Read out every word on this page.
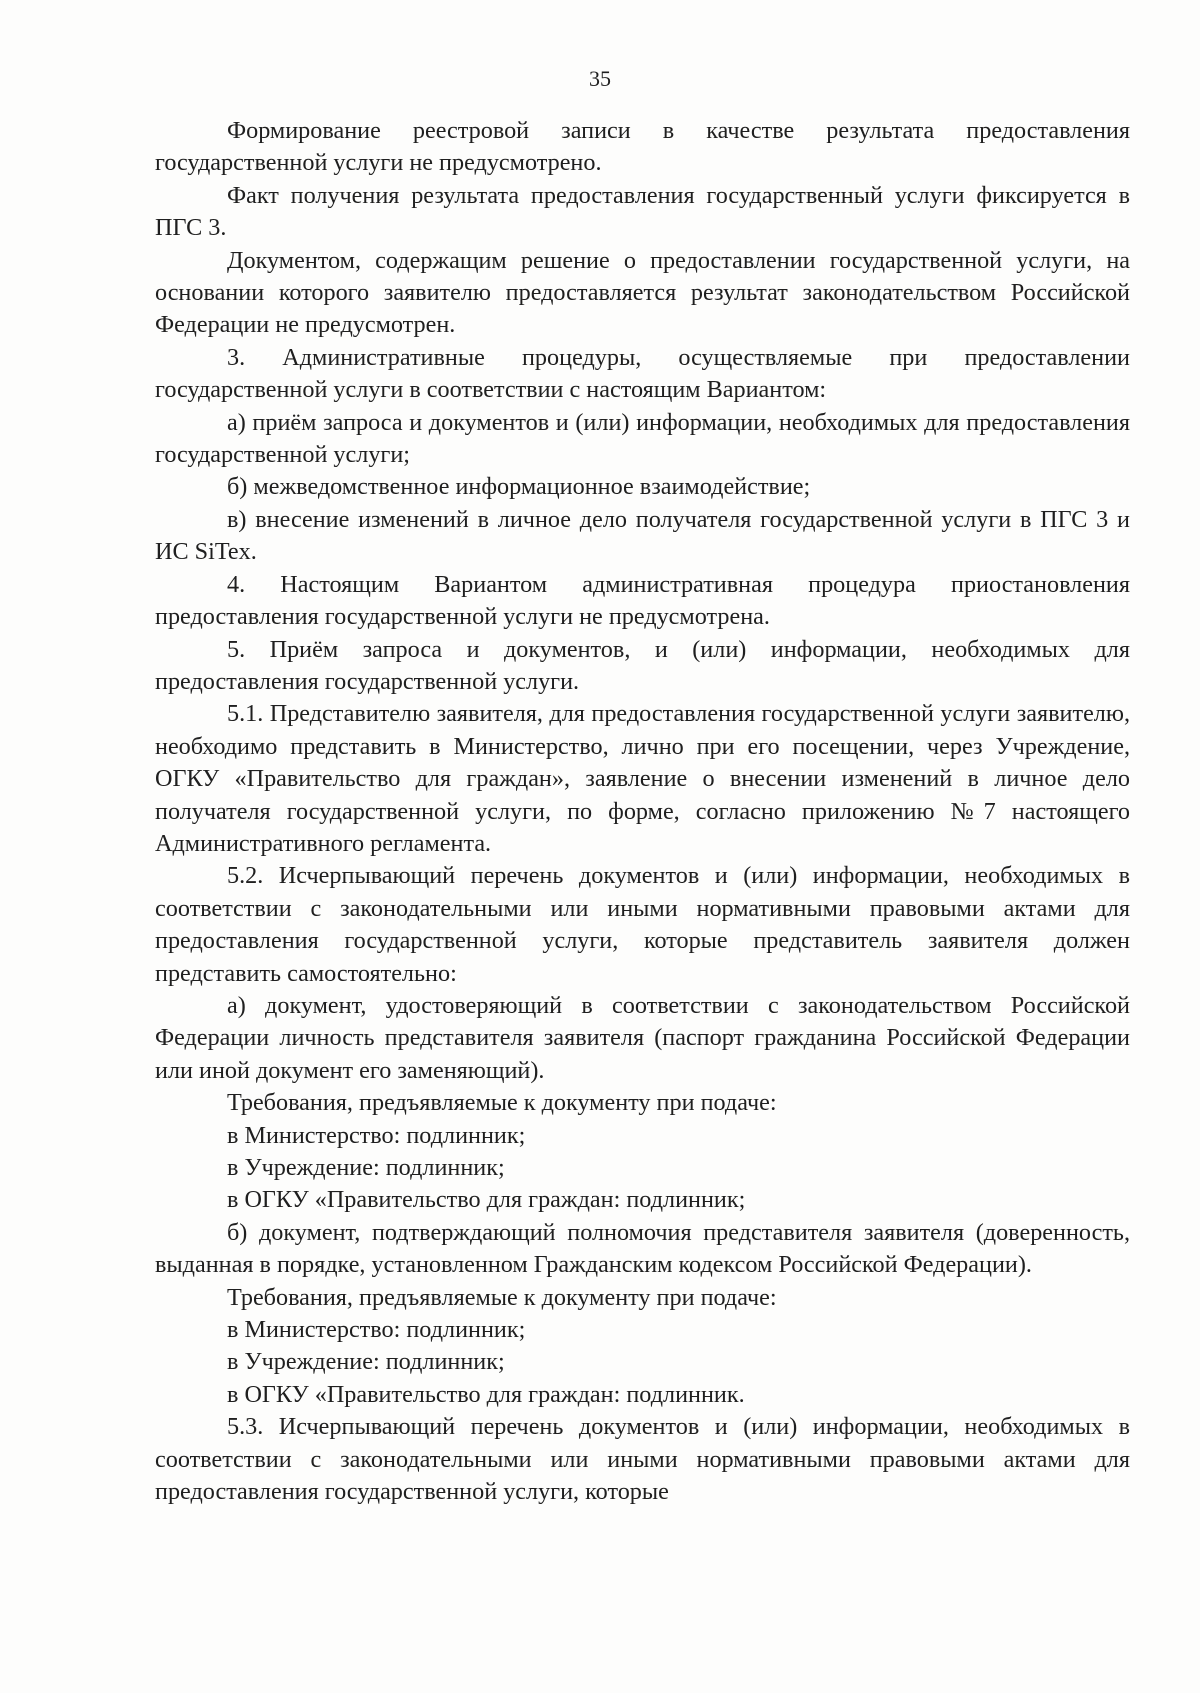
35

Формирование реестровой записи в качестве результата предоставления государственной услуги не предусмотрено.

Факт получения результата предоставления государственный услуги фиксируется в ПГС 3.

Документом, содержащим решение о предоставлении государственной услуги, на основании которого заявителю предоставляется результат законодательством Российской Федерации не предусмотрен.

3. Административные процедуры, осуществляемые при предоставлении государственной услуги в соответствии с настоящим Вариантом:

а) приём запроса и документов и (или) информации, необходимых для предоставления государственной услуги;

б) межведомственное информационное взаимодействие;

в) внесение изменений в личное дело получателя государственной услуги в ПГС 3 и ИС SiTex.

4. Настоящим Вариантом административная процедура приостановления предоставления государственной услуги не предусмотрена.

5. Приём запроса и документов, и (или) информации, необходимых для предоставления государственной услуги.

5.1. Представителю заявителя, для предоставления государственной услуги заявителю, необходимо представить в Министерство, лично при его посещении, через Учреждение, ОГКУ «Правительство для граждан», заявление о внесении изменений в личное дело получателя государственной услуги, по форме, согласно приложению №7 настоящего Административного регламента.

5.2. Исчерпывающий перечень документов и (или) информации, необходимых в соответствии с законодательными или иными нормативными правовыми актами для предоставления государственной услуги, которые представитель заявителя должен представить самостоятельно:

а) документ, удостоверяющий в соответствии с законодательством Российской Федерации личность представителя заявителя (паспорт гражданина Российской Федерации или иной документ его заменяющий).

Требования, предъявляемые к документу при подаче:

в Министерство: подлинник;

в Учреждение: подлинник;

в ОГКУ «Правительство для граждан: подлинник;

б) документ, подтверждающий полномочия представителя заявителя (доверенность, выданная в порядке, установленном Гражданским кодексом Российской Федерации).

Требования, предъявляемые к документу при подаче:

в Министерство: подлинник;

в Учреждение: подлинник;

в ОГКУ «Правительство для граждан: подлинник.

5.3. Исчерпывающий перечень документов и (или) информации, необходимых в соответствии с законодательными или иными нормативными правовыми актами для предоставления государственной услуги, которые
